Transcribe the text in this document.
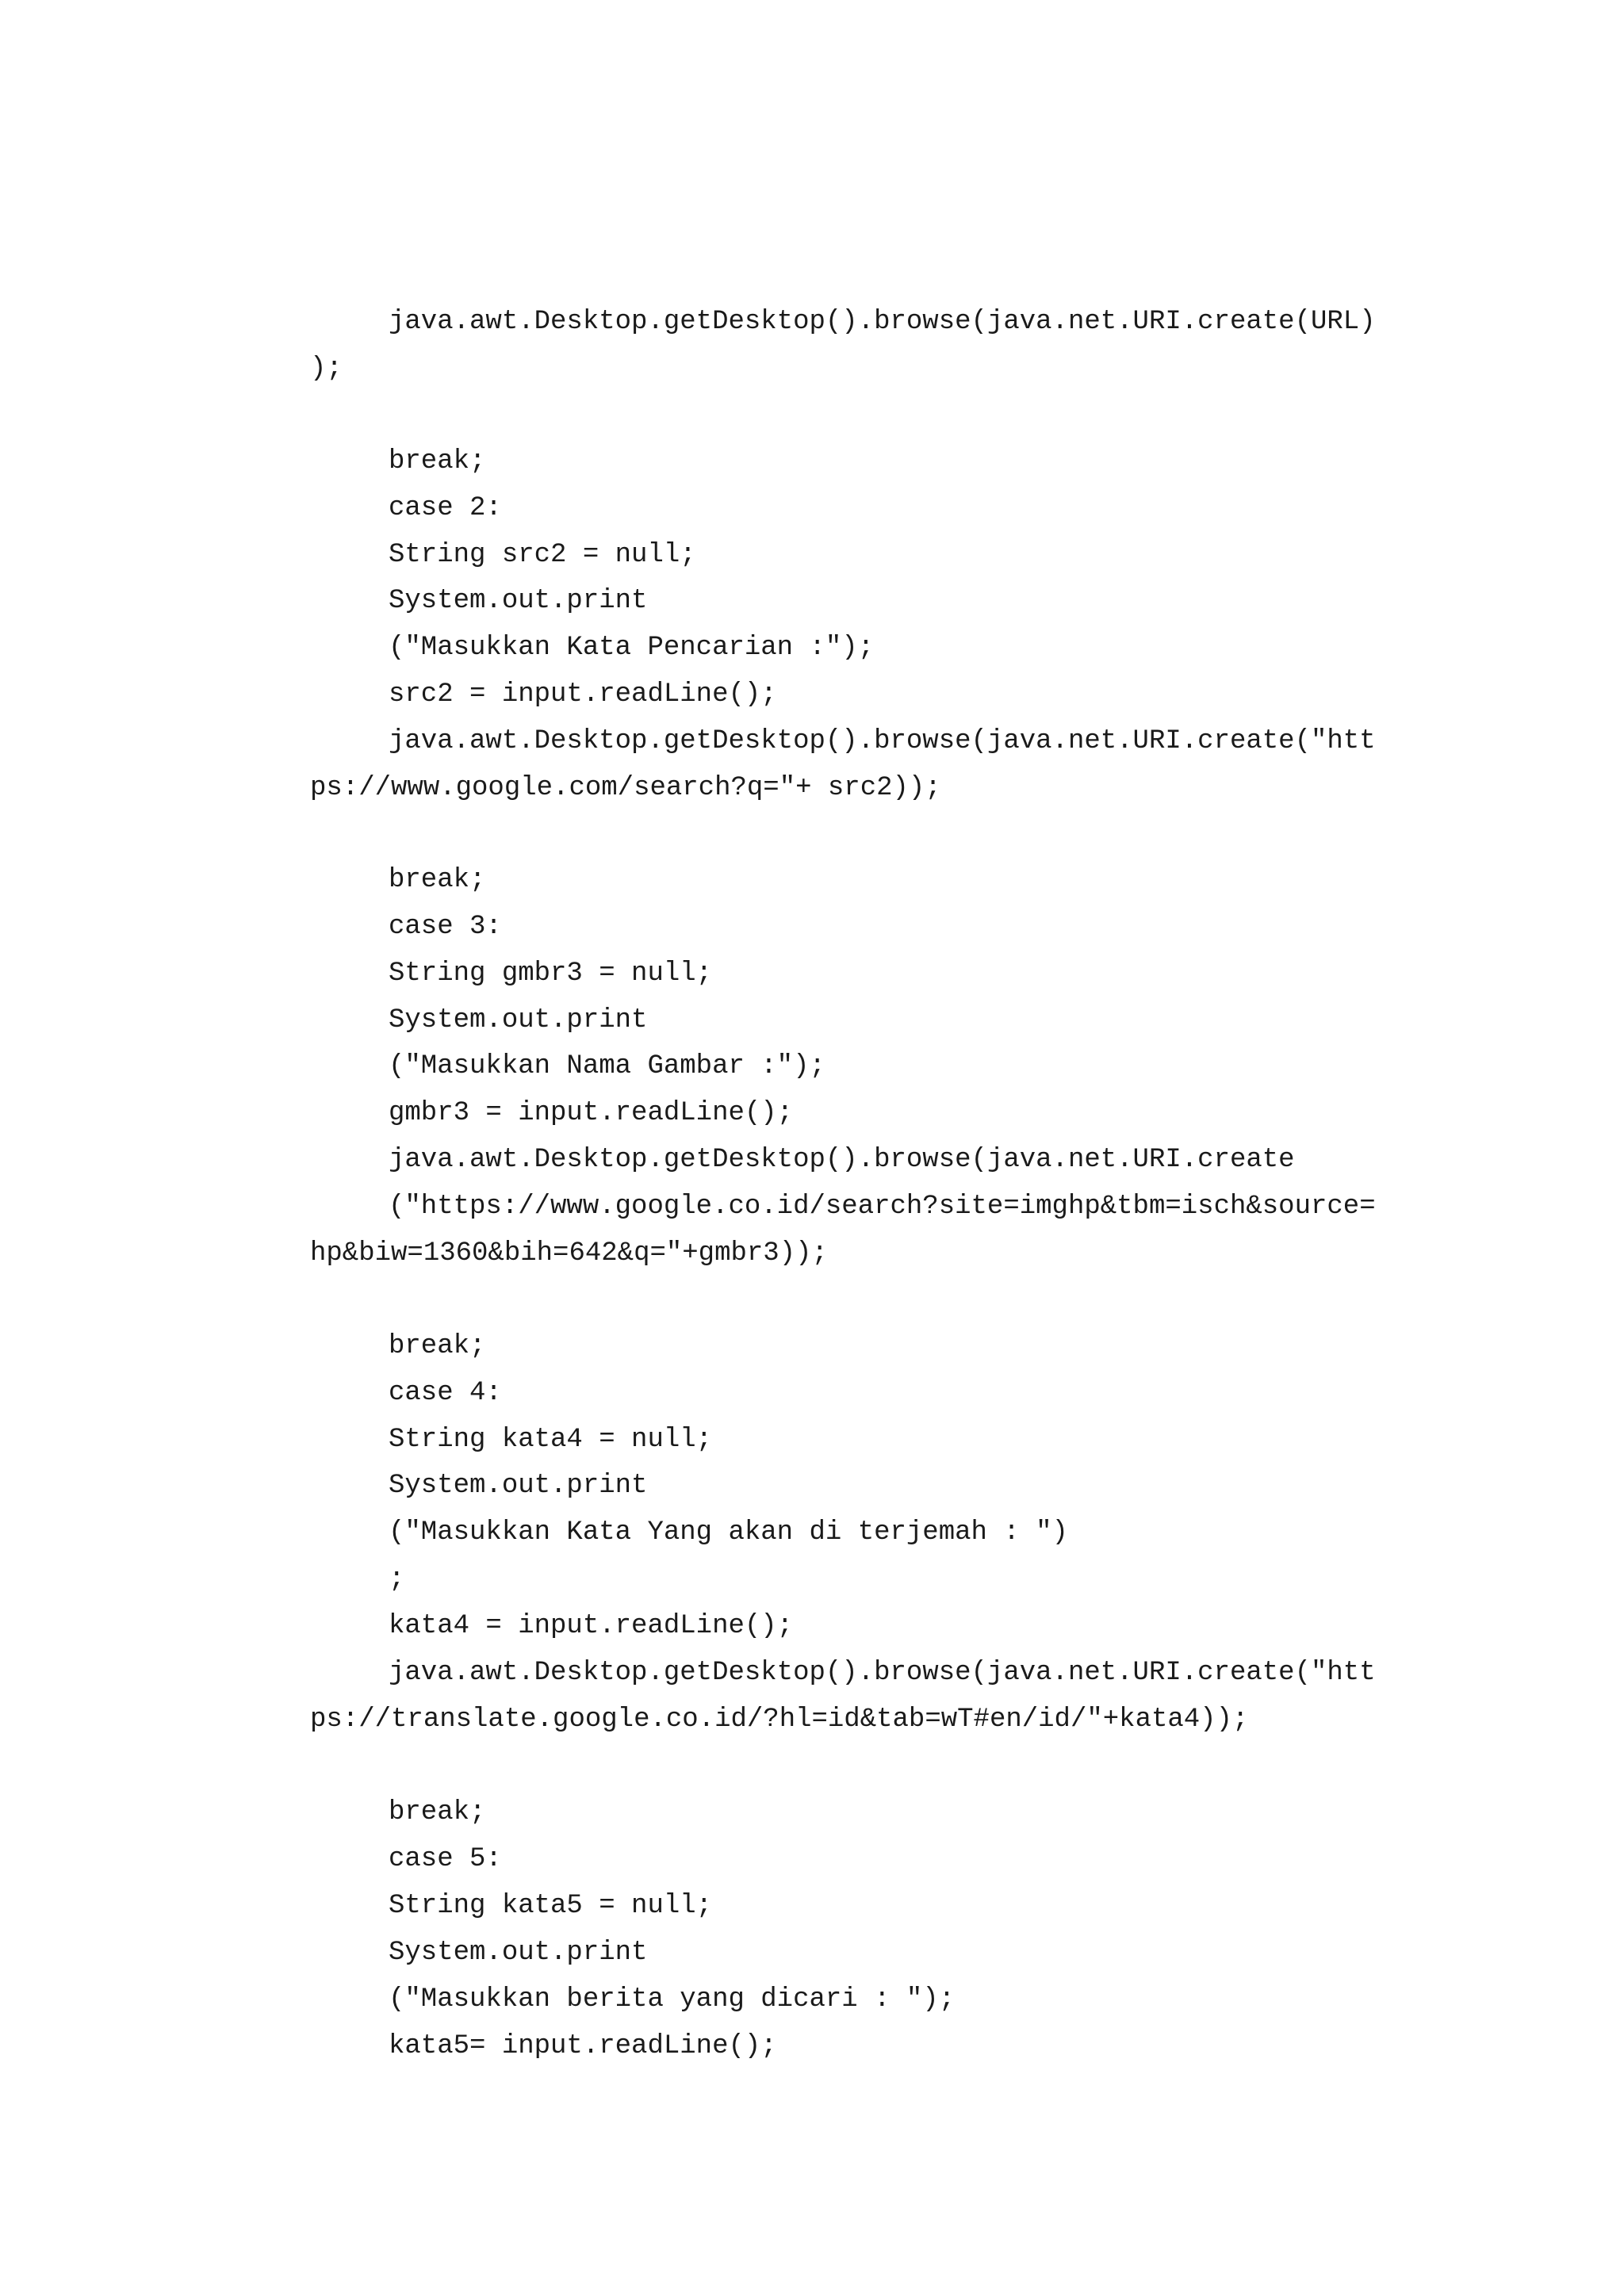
java.awt.Desktop.getDesktop().browse(java.net.URI.create(URL)
);
break;
case 2:
String src2 = null;
System.out.print
("Masukkan Kata Pencarian :");
src2 = input.readLine();
java.awt.Desktop.getDesktop().browse(java.net.URI.create("htt
ps://www.google.com/search?q="+ src2));
break;
case 3:
String gmbr3 = null;
System.out.print
("Masukkan Nama Gambar :");
gmbr3 = input.readLine();
java.awt.Desktop.getDesktop().browse(java.net.URI.create
("https://www.google.co.id/search?site=imghp&tbm=isch&source=
hp&biw=1360&bih=642&q="+gmbr3));
break;
case 4:
String kata4 = null;
System.out.print
("Masukkan Kata Yang akan di terjemah : ")
;
kata4 = input.readLine();
java.awt.Desktop.getDesktop().browse(java.net.URI.create("htt
ps://translate.google.co.id/?hl=id&tab=wT#en/id/"+kata4));
break;
case 5:
String kata5 = null;
System.out.print
("Masukkan berita yang dicari : ");
kata5= input.readLine();
